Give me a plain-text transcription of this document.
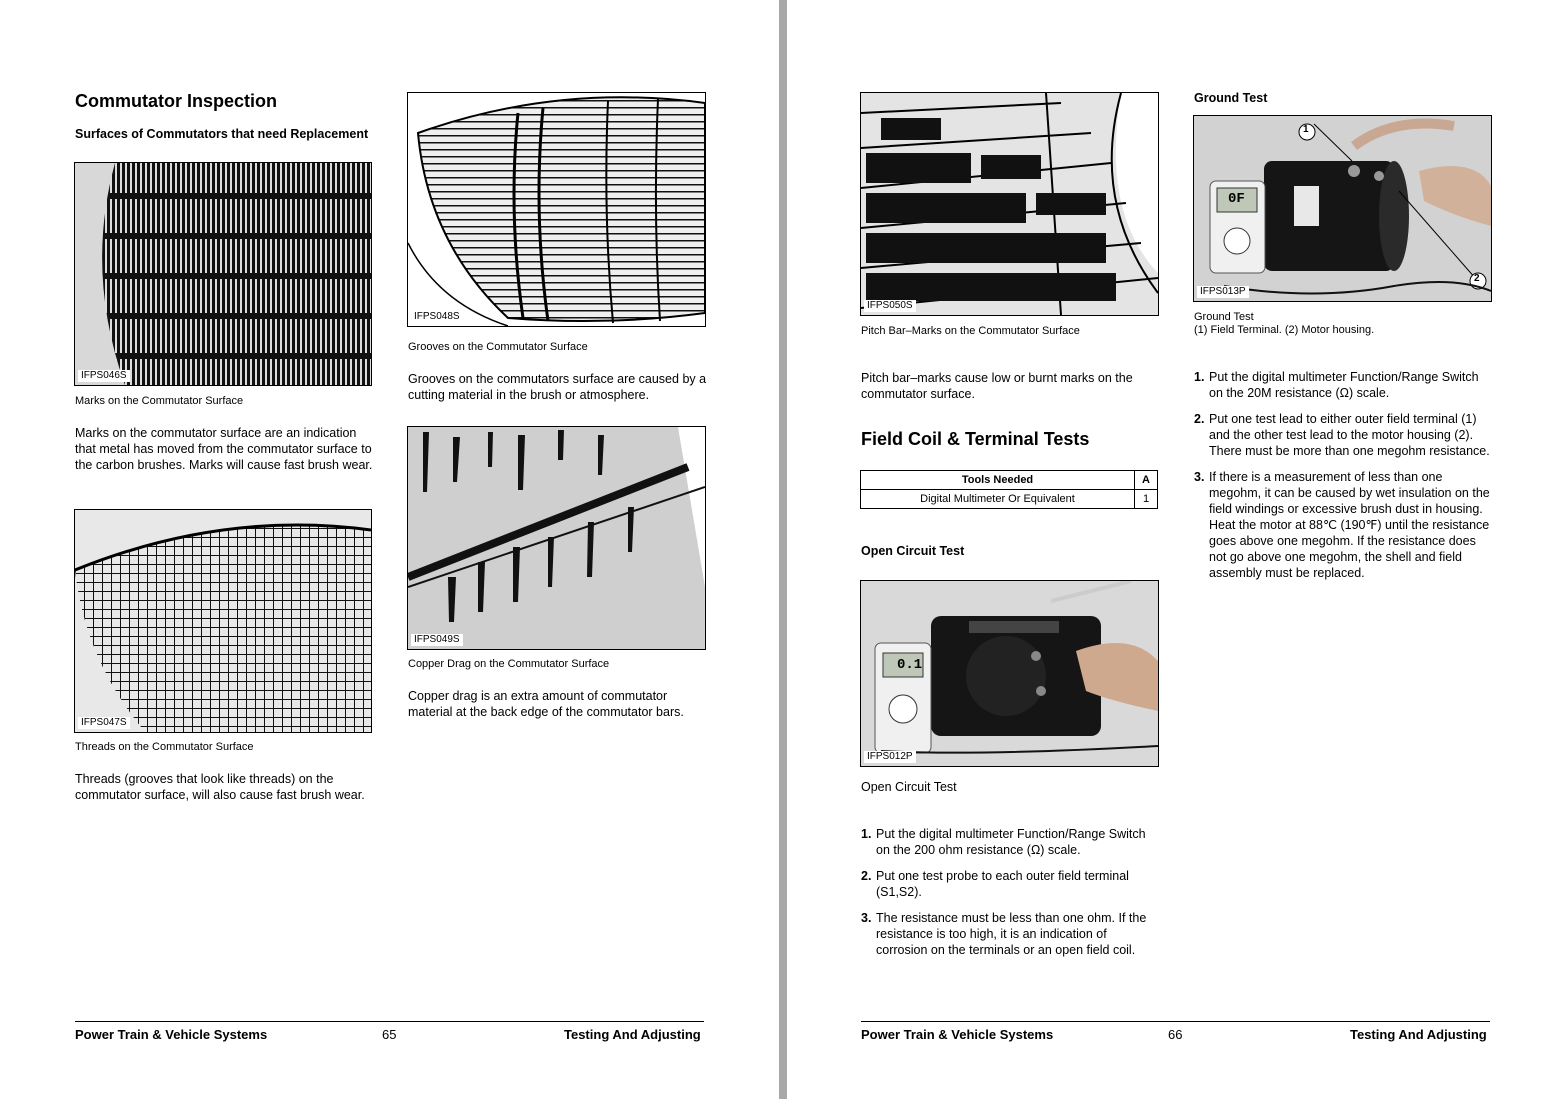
Commutator Inspection
Surfaces of Commutators that need Replacement
IFPS046S
Marks on the Commutator Surface
Marks on the commutator surface are an indication that metal has moved from the commutator surface to the carbon brushes. Marks will cause fast brush wear.
IFPS047S
Threads on the Commutator Surface
Threads (grooves that look like threads) on the commutator surface, will also cause fast brush wear.
IFPS048S
Grooves on the Commutator Surface
Grooves on the commutators surface are caused by a cutting material in the brush or atmosphere.
IFPS049S
Copper Drag on the Commutator Surface
Copper drag is an extra amount of commutator material at the back edge of the commutator bars.
Power Train & Vehicle Systems	65	Testing And Adjusting
IFPS050S
Pitch Bar–Marks on the Commutator Surface
Pitch bar–marks cause low or burnt marks on the commutator surface.
Field Coil & Terminal Tests
Tools Needed	A
Digital Multimeter Or Equivalent	1
Open Circuit Test
0.1
IFPS012P
Open Circuit Test
1. Put the digital multimeter Function/Range Switch on the 200 ohm resistance (Ω) scale.
2. Put one test probe to each outer field terminal (S1,S2).
3. The resistance must be less than one ohm. If the resistance is too high, it is an indication of corrosion on the terminals or an open field coil.
Ground Test
1
2
0F
IFPS013P
Ground Test
(1) Field Terminal. (2) Motor housing.
1. Put the digital multimeter Function/Range Switch on the 20M resistance (Ω) scale.
2. Put one test lead to either outer field terminal (1) and the other test lead to the motor housing (2). There must be more than one megohm resistance.
3. If there is a measurement of less than one megohm, it can be caused by wet insulation on the field windings or excessive brush dust in housing. Heat the motor at 88℃ (190℉) until the resistance goes above one megohm. If the resistance does not go above one megohm, the shell and field assembly must be replaced.
Power Train & Vehicle Systems	66	Testing And Adjusting
